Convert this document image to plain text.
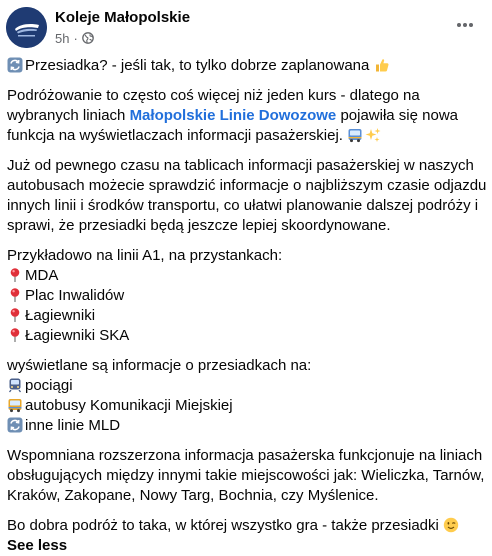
Koleje Małopolskie
5h ·
Przesiadka? - jeśli tak, to tylko dobrze zaplanowana
Podróżowanie to często coś więcej niż jeden kurs - dlatego na wybranych liniach Małopolskie Linie Dowozowe pojawiła się nowa funkcja na wyświetlaczach informacji pasażerskiej.
Już od pewnego czasu na tablicach informacji pasażerskiej w naszych autobusach możecie sprawdzić informacje o najbliższym czasie odjazdu innych linii i środków transportu, co ułatwi planowanie dalszej podróży i sprawi, że przesiadki będą jeszcze lepiej skoordynowane.
Przykładowo na linii A1, na przystankach:
MDA
Plac Inwalidów
Łagiewniki
Łagiewniki SKA
wyświetlane są informacje o przesiadkach na:
pociągi
autobusy Komunikacji Miejskiej
inne linie MLD
Wspomniana rozszerzona informacja pasażerska funkcjonuje na liniach obsługujących między innymi takie miejscowości jak: Wieliczka, Tarnów, Kraków, Zakopane, Nowy Targ, Bochnia, czy Myślenice.
Bo dobra podróż to taka, w której wszystko gra - także przesiadki
See less
